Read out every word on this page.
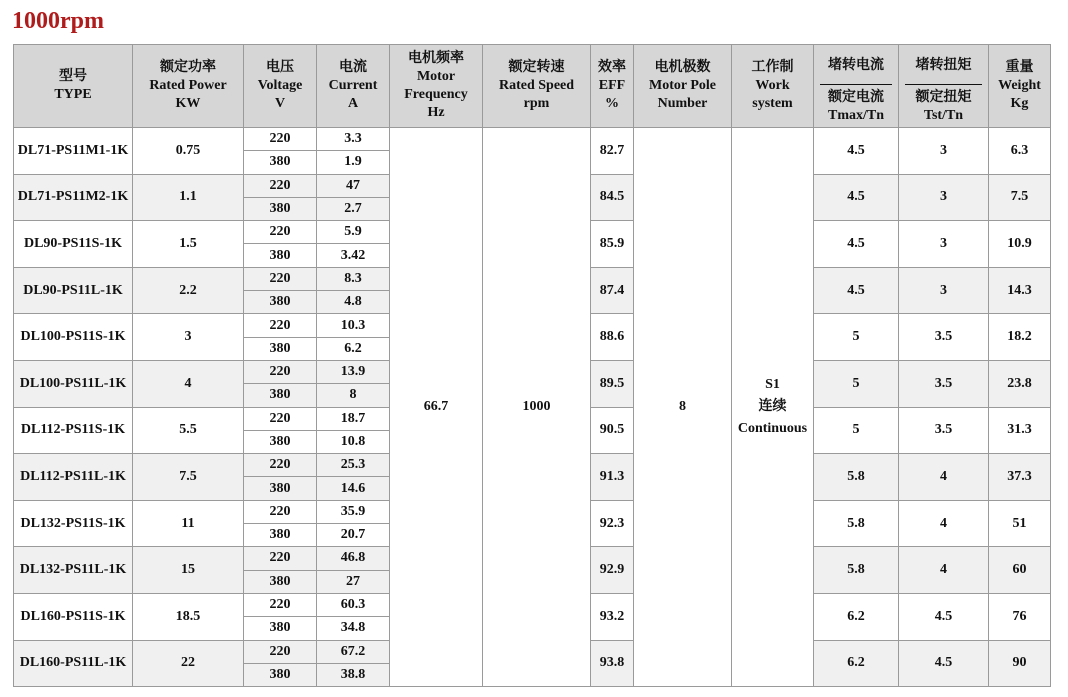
1000rpm
型号
TYPE	额定功率
Rated Power
KW	电压
Voltage
V	电流
Current
A	电机频率
Motor
Frequency
Hz	额定转速
Rated Speed
rpm	效率
EFF
%	电机极数
Motor Pole
Number	工作制
Work
system	堵转电流
额定电流
Tmax/Tn	堵转扭矩
额定扭矩
Tst/Tn	重量
Weight
Kg

DL71-PS11M1-1K	0.75	220	3.3	66.7	1000	82.7	8	S1
连续
Continuous	4.5	3	6.3
		380	1.9								
DL71-PS11M2-1K	1.1	220	47			84.5			4.5	3	7.5
		380	2.7								
DL90-PS11S-1K	1.5	220	5.9			85.9			4.5	3	10.9
		380	3.42								
DL90-PS11L-1K	2.2	220	8.3			87.4			4.5	3	14.3
		380	4.8								
DL100-PS11S-1K	3	220	10.3			88.6			5	3.5	18.2
		380	6.2								
DL100-PS11L-1K	4	220	13.9			89.5			5	3.5	23.8
		380	8								
DL112-PS11S-1K	5.5	220	18.7			90.5			5	3.5	31.3
		380	10.8								
DL112-PS11L-1K	7.5	220	25.3			91.3			5.8	4	37.3
		380	14.6								
DL132-PS11S-1K	11	220	35.9			92.3			5.8	4	51
		380	20.7								
DL132-PS11L-1K	15	220	46.8			92.9			5.8	4	60
		380	27								
DL160-PS11S-1K	18.5	220	60.3			93.2			6.2	4.5	76
		380	34.8								
DL160-PS11L-1K	22	220	67.2			93.8			6.2	4.5	90
		380	38.8								
